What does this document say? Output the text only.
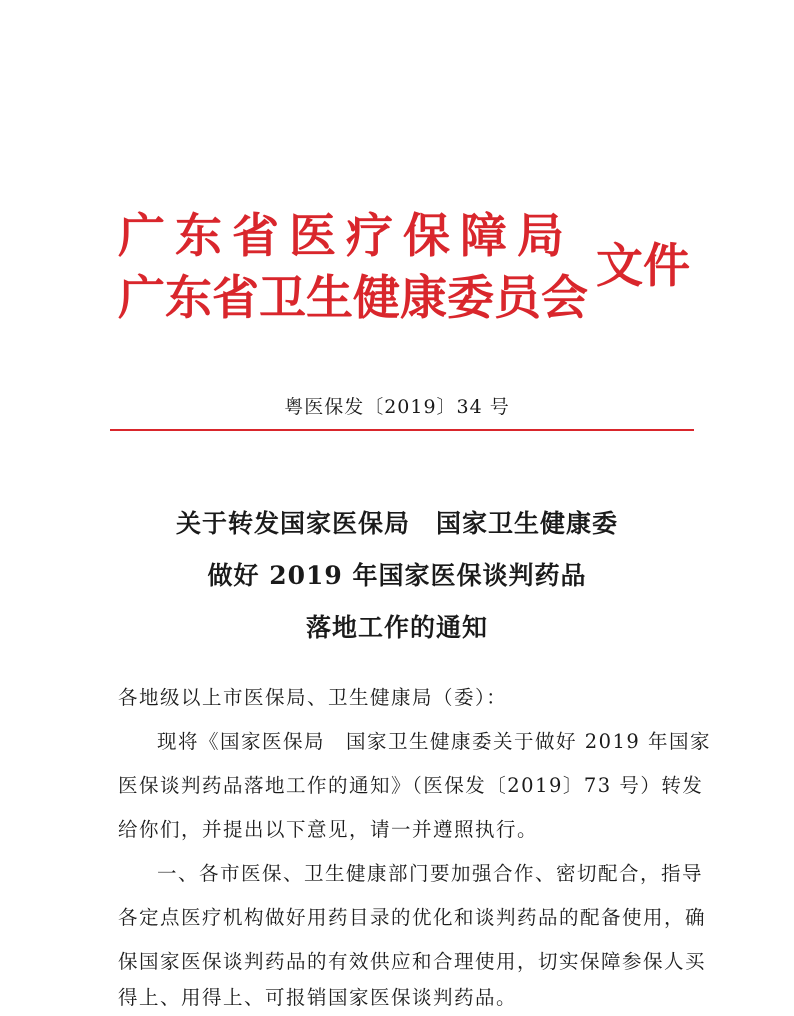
广东省医疗保障局
广东省卫生健康委员会
文件
粤医保发〔2019〕34 号
关于转发国家医保局　国家卫生健康委
做好 2019 年国家医保谈判药品
落地工作的通知
各地级以上市医保局、卫生健康局（委）：
现将《国家医保局　国家卫生健康委关于做好 2019 年国家
医保谈判药品落地工作的通知》（医保发〔2019〕73 号）转发
给你们，并提出以下意见，请一并遵照执行。
一、各市医保、卫生健康部门要加强合作、密切配合，指导
各定点医疗机构做好用药目录的优化和谈判药品的配备使用，确
保国家医保谈判药品的有效供应和合理使用，切实保障参保人买
得上、用得上、可报销国家医保谈判药品。
